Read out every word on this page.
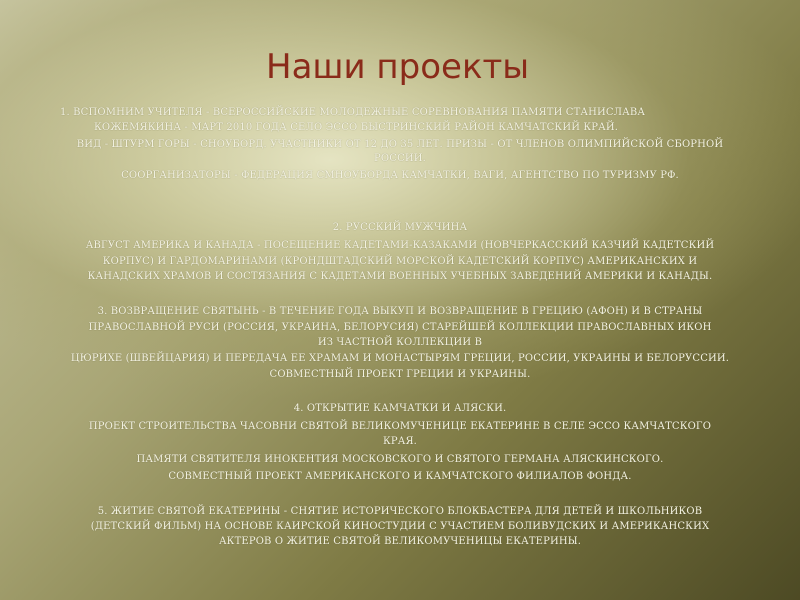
Наши проекты

1. ВСПОМНИМ УЧИТЕЛЯ - ВСЕРОССИЙСКИЕ МОЛОДЕЖНЫЕ СОРЕВНОВАНИЯ ПАМЯТИ СТАНИСЛАВА

КОЖЕМЯКИНА - МАРТ 2010 ГОДА СЕЛО ЭССО БЫСТРИНСКИЙ РАЙОН КАМЧАТСКИЙ КРАЙ.

ВИД - ШТУРМ ГОРЫ - СНОУБОРД. УЧАСТНИКИ ОТ 12 ДО 35 ЛЕТ. ПРИЗЫ - ОТ ЧЛЕНОВ ОЛИМПИЙСКОЙ СБОРНОЙ

РОССИИ.

СООРГАНИЗАТОРЫ - ФЕДЕРАЦИЯ СМНОУБОРДА КАМЧАТКИ, ВАГИ, АГЕНТСТВО ПО ТУРИЗМУ РФ.

2. РУССКИЙ МУЖЧИНА

АВГУСТ АМЕРИКА И КАНАДА - ПОСЕЩЕНИЕ КАДЕТАМИ-КАЗАКАМИ (НОВЧЕРКАССКИЙ КАЗЧИЙ КАДЕТСКИЙ

КОРПУС) И ГАРДОМАРИНАМИ (КРОНДШТАДСКИЙ МОРСКОЙ КАДЕТСКИЙ КОРПУС) АМЕРИКАНСКИХ И

КАНАДСКИХ ХРАМОВ И СОСТЯЗАНИЯ С КАДЕТАМИ ВОЕННЫХ УЧЕБНЫХ ЗАВЕДЕНИЙ АМЕРИКИ И КАНАДЫ.

3. ВОЗВРАЩЕНИЕ СВЯТЫНЬ - В ТЕЧЕНИЕ ГОДА ВЫКУП И ВОЗВРАЩЕНИЕ В ГРЕЦИЮ (АФОН) И В СТРАНЫ

ПРАВОСЛАВНОЙ РУСИ (РОССИЯ, УКРАИНА, БЕЛОРУСИЯ) СТАРЕЙШЕЙ КОЛЛЕКЦИИ ПРАВОСЛАВНЫХ ИКОН

ИЗ ЧАСТНОЙ КОЛЛЕКЦИИ В

ЦЮРИХЕ (ШВЕЙЦАРИЯ) И ПЕРЕДАЧА ЕЕ ХРАМАМ И МОНАСТЫРЯМ ГРЕЦИИ, РОССИИ, УКРАИНЫ И БЕЛОРУССИИ.

СОВМЕСТНЫЙ ПРОЕКТ ГРЕЦИИ И УКРАИНЫ.

4. ОТКРЫТИЕ КАМЧАТКИ И АЛЯСКИ.

ПРОЕКТ СТРОИТЕЛЬСТВА ЧАСОВНИ СВЯТОЙ ВЕЛИКОМУЧЕНИЦЕ ЕКАТЕРИНЕ В СЕЛЕ ЭССО КАМЧАТСКОГО

КРАЯ.

ПАМЯТИ СВЯТИТЕЛЯ ИНОКЕНТИЯ МОСКОВСКОГО И СВЯТОГО ГЕРМАНА АЛЯСКИНСКОГО.

СОВМЕСТНЫЙ ПРОЕКТ АМЕРИКАНСКОГО И КАМЧАТСКОГО ФИЛИАЛОВ ФОНДА.

5. ЖИТИЕ СВЯТОЙ ЕКАТЕРИНЫ - СНЯТИЕ ИСТОРИЧЕСКОГО БЛОКБАСТЕРА ДЛЯ ДЕТЕЙ И ШКОЛЬНИКОВ

(ДЕТСКИЙ ФИЛЬМ) НА ОСНОВЕ КАИРСКОЙ КИНОСТУДИИ С УЧАСТИЕМ БОЛИВУДСКИХ И АМЕРИКАНСКИХ

АКТЕРОВ О ЖИТИЕ СВЯТОЙ ВЕЛИКОМУЧЕНИЦЫ ЕКАТЕРИНЫ.
